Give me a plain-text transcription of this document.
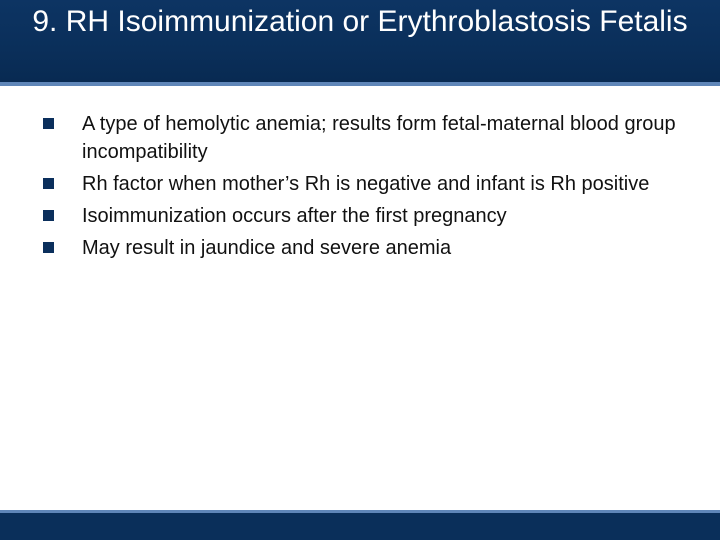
9. RH Isoimmunization or Erythroblastosis Fetalis
A type of hemolytic anemia; results form fetal-maternal blood group incompatibility
Rh factor when mother’s Rh is negative and infant is Rh positive
Isoimmunization occurs after the first pregnancy
May result in jaundice and severe anemia
